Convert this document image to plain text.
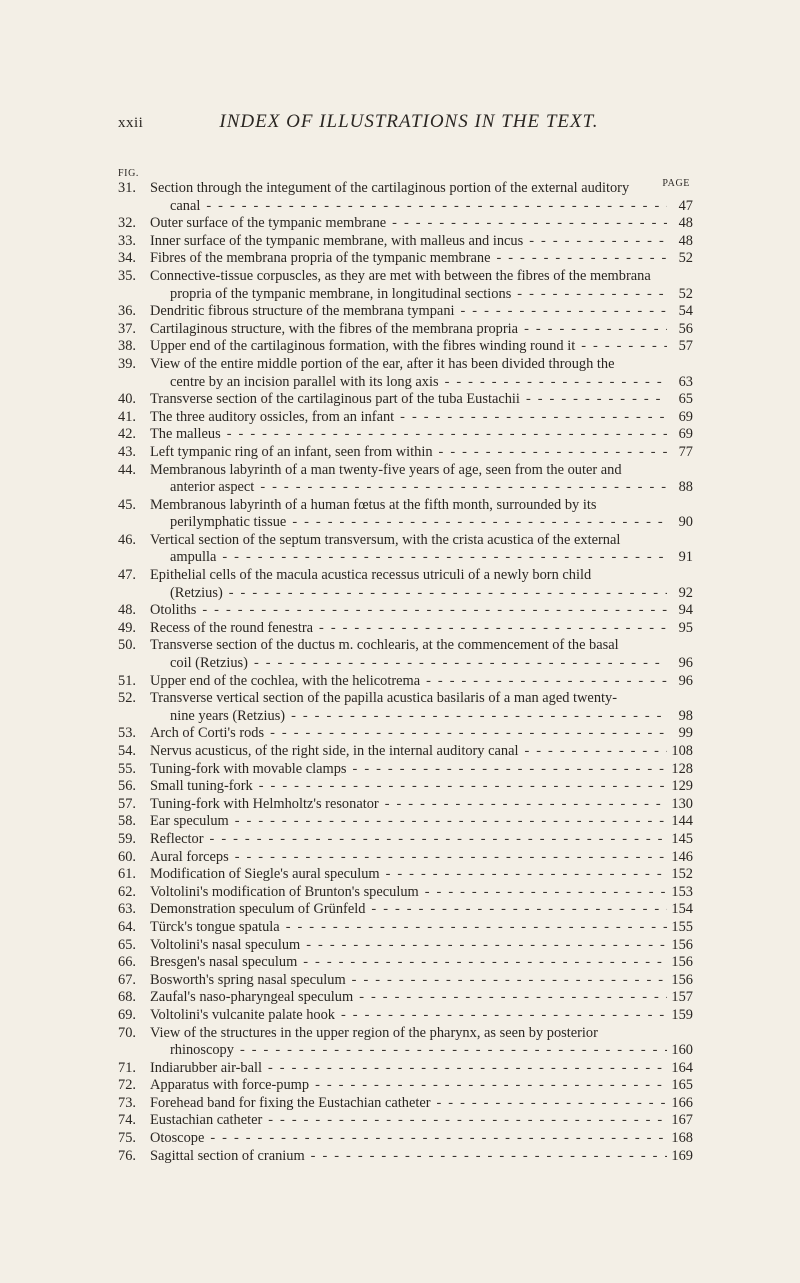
xxii	INDEX OF ILLUSTRATIONS IN THE TEXT.
FIG.
PAGE
31. Section through the integument of the cartilaginous portion of the external auditory
canal -----	47
32. Outer surface of the tympanic membrane -----	48
33. Inner surface of the tympanic membrane, with malleus and incus -----	48
34. Fibres of the membrana propria of the tympanic membrane -----	52
35. Connective-tissue corpuscles, as they are met with between the fibres of the membrana
propria of the tympanic membrane, in longitudinal sections -----	52
36. Dendritic fibrous structure of the membrana tympani -----	54
37. Cartilaginous structure, with the fibres of the membrana propria -----	56
38. Upper end of the cartilaginous formation, with the fibres winding round it -----	57
39. View of the entire middle portion of the ear, after it has been divided through the
centre by an incision parallel with its long axis -----	63
40. Transverse section of the cartilaginous part of the tuba Eustachii -----	65
41. The three auditory ossicles, from an infant -----	69
42. The malleus -----	69
43. Left tympanic ring of an infant, seen from within -----	77
44. Membranous labyrinth of a man twenty-five years of age, seen from the outer and
anterior aspect -----	88
45. Membranous labyrinth of a human fœtus at the fifth month, surrounded by its
perilymphatic tissue -----	90
46. Vertical section of the septum transversum, with the crista acustica of the external
ampulla -----	91
47. Epithelial cells of the macula acustica recessus utriculi of a newly born child
(Retzius) -----	92
48. Otoliths -----	94
49. Recess of the round fenestra -----	95
50. Transverse section of the ductus m. cochlearis, at the commencement of the basal
coil (Retzius) -----	96
51. Upper end of the cochlea, with the helicotrema -----	96
52. Transverse vertical section of the papilla acustica basilaris of a man aged twenty-
nine years (Retzius) -----	98
53. Arch of Corti's rods -----	99
54. Nervus acusticus, of the right side, in the internal auditory canal -----	108
55. Tuning-fork with movable clamps -----	128
56. Small tuning-fork -----	129
57. Tuning-fork with Helmholtz's resonator -----	130
58. Ear speculum -----	144
59. Reflector -----	145
60. Aural forceps -----	146
61. Modification of Siegle's aural speculum -----	152
62. Voltolini's modification of Brunton's speculum -----	153
63. Demonstration speculum of Grünfeld -----	154
64. Türck's tongue spatula -----	155
65. Voltolini's nasal speculum -----	156
66. Bresgen's nasal speculum -----	156
67. Bosworth's spring nasal speculum -----	156
68. Zaufal's naso-pharyngeal speculum -----	157
69. Voltolini's vulcanite palate hook -----	159
70. View of the structures in the upper region of the pharynx, as seen by posterior
rhinoscopy -----	160
71. Indiarubber air-ball -----	164
72. Apparatus with force-pump -----	165
73. Forehead band for fixing the Eustachian catheter -----	166
74. Eustachian catheter -----	167
75. Otoscope -----	168
76. Sagittal section of cranium -----	169
